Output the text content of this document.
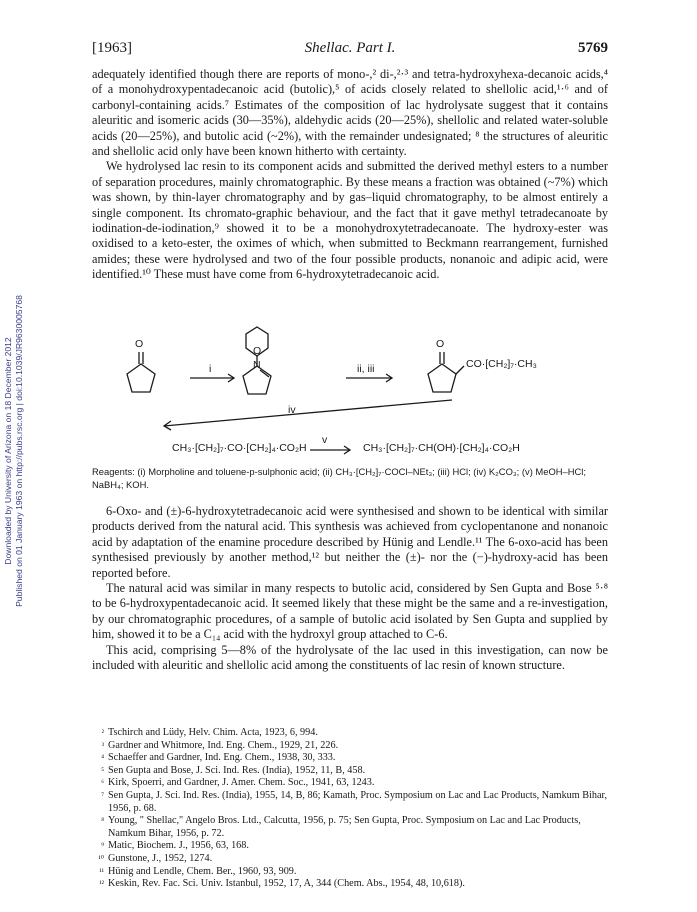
Downloaded by University of Arizona on 18 December 2012 Published on 01 January 1963 on http://pubs.rsc.org | doi:10.1039/JR9630005768
[1963]	Shellac. Part I.	5769

adequately identified though there are reports of mono-,² di-,²·³ and tetra-hydroxyhexa-decanoic acids,⁴ of a monohydroxypentadecanoic acid (butolic),⁵ of acids closely related to shellolic acid,¹·⁶ and of carbonyl-containing acids.⁷ Estimates of the composition of lac hydrolysate suggest that it contains aleuritic and isomeric acids (30—35%), aldehydic acids (20—25%), shellolic and related water-soluble acids (20—25%), and butolic acid (~2%), with the remainder undesignated; ⁸ the structures of aleuritic and shellolic acid only have been known hitherto with certainty.

We hydrolysed lac resin to its component acids and submitted the derived methyl esters to a number of separation procedures, mainly chromatographic. By these means a fraction was obtained (~7%) which was shown, by thin-layer chromatography and by gas–liquid chromatography, to be almost entirely a single component. Its chromato-graphic behaviour, and the fact that it gave methyl tetradecanoate by iodination-de-iodination,⁹ showed it to be a monohydroxytetradecanoate. The hydroxy-ester was oxidised to a keto-ester, the oximes of which, when submitted to Beckmann rearrangement, furnished amides; these were hydrolysed and two of the four possible products, nonanoic and adipic acid, were identified.¹⁰ These must have come from 6-hydroxytetradecanoic acid.

O
O
N
O
i	ii, iii	CO·[CH₂]₇·CH₃
iv
CH₃·[CH₂]₇·CO·[CH₂]₄·CO₂H
v
CH₃·[CH₂]₇·CH(OH)·[CH₂]₄·CO₂H
Reagents: (i) Morpholine and toluene-p-sulphonic acid; (ii) CH₃·[CH₂]₇·COCl–NEt₃; (iii) HCl; (iv) K₂CO₃; (v) MeOH–HCl; NaBH₄; KOH.

6-Oxo- and (±)-6-hydroxytetradecanoic acid were synthesised and shown to be identical with similar products derived from the natural acid. This synthesis was achieved from cyclopentanone and nonanoic acid by adaptation of the enamine procedure described by Hünig and Lendle.¹¹ The 6-oxo-acid has been synthesised previously by another method,¹² but neither the (±)- nor the (−)-hydroxy-acid has been reported before.

The natural acid was similar in many respects to butolic acid, considered by Sen Gupta and Bose ⁵·⁸ to be 6-hydroxypentadecanoic acid. It seemed likely that these might be the same and a re-investigation, by our chromatographic procedures, of a sample of butolic acid isolated by Sen Gupta and supplied by him, showed it to be a C₁₄ acid with the hydroxyl group attached to C-6.

This acid, comprising 5—8% of the hydrolysate of the lac used in this investigation, can now be included with aleuritic and shellolic acid among the constituents of lac resin of known structure.

² Tschirch and Lüdy, Helv. Chim. Acta, 1923, 6, 994.
³ Gardner and Whitmore, Ind. Eng. Chem., 1929, 21, 226.
⁴ Schaeffer and Gardner, Ind. Eng. Chem., 1938, 30, 333.
⁵ Sen Gupta and Bose, J. Sci. Ind. Res. (India), 1952, 11, B, 458.
⁶ Kirk, Spoerri, and Gardner, J. Amer. Chem. Soc., 1941, 63, 1243.
⁷ Sen Gupta, J. Sci. Ind. Res. (India), 1955, 14, B, 86; Kamath, Proc. Symposium on Lac and Lac Products, Namkum Bihar, 1956, p. 68.
⁸ Young, " Shellac," Angelo Bros. Ltd., Calcutta, 1956, p. 75; Sen Gupta, Proc. Symposium on Lac and Lac Products, Namkum Bihar, 1956, p. 72.
⁹ Matic, Biochem. J., 1956, 63, 168.
¹⁰ Gunstone, J., 1952, 1274.
¹¹ Hünig and Lendle, Chem. Ber., 1960, 93, 909.
¹² Keskin, Rev. Fac. Sci. Univ. Istanbul, 1952, 17, A, 344 (Chem. Abs., 1954, 48, 10,618).
